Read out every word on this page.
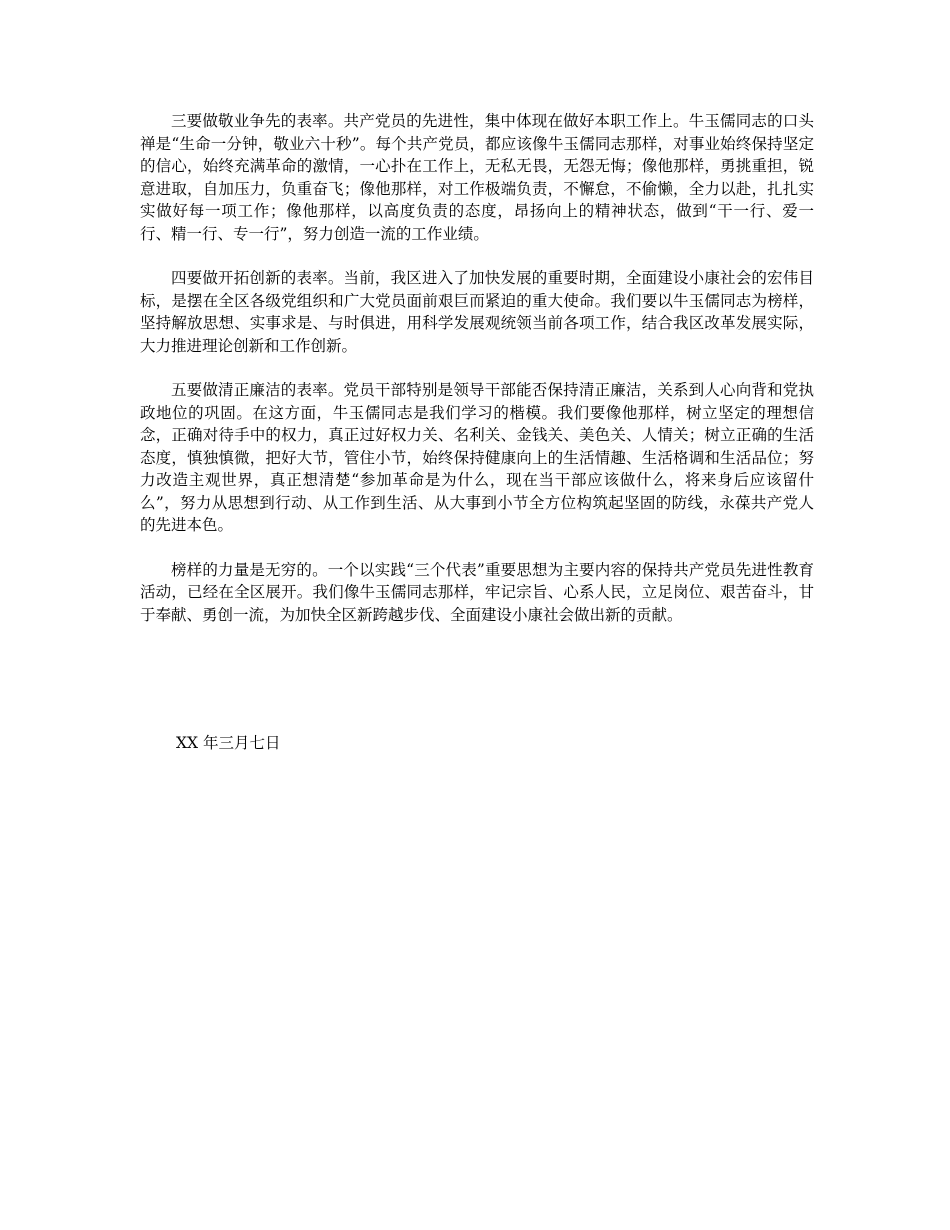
三要做敬业争先的表率。共产党员的先进性，集中体现在做好本职工作上。牛玉儒同志的口头禅是“生命一分钟，敬业六十秒”。每个共产党员，都应该像牛玉儒同志那样，对事业始终保持坚定的信心，始终充满革命的激情，一心扑在工作上，无私无畏，无怨无悔；像他那样，勇挑重担，锐意进取，自加压力，负重奋飞；像他那样，对工作极端负责，不懈怠，不偷懒，全力以赴，扎扎实实做好每一项工作；像他那样，以高度负责的态度，昂扬向上的精神状态，做到“干一行、爱一行、精一行、专一行”，努力创造一流的工作业绩。

四要做开拓创新的表率。当前，我区进入了加快发展的重要时期，全面建设小康社会的宏伟目标，是摆在全区各级党组织和广大党员面前艰巨而紧迫的重大使命。我们要以牛玉儒同志为榜样，坚持解放思想、实事求是、与时俱进，用科学发展观统领当前各项工作，结合我区改革发展实际，大力推进理论创新和工作创新。

五要做清正廉洁的表率。党员干部特别是领导干部能否保持清正廉洁，关系到人心向背和党执政地位的巩固。在这方面，牛玉儒同志是我们学习的楷模。我们要像他那样，树立坚定的理想信念，正确对待手中的权力，真正过好权力关、名利关、金钱关、美色关、人情关；树立正确的生活态度，慎独慎微，把好大节，管住小节，始终保持健康向上的生活情趣、生活格调和生活品位；努力改造主观世界，真正想清楚“参加革命是为什么，现在当干部应该做什么，将来身后应该留什么”，努力从思想到行动、从工作到生活、从大事到小节全方位构筑起坚固的防线，永葆共产党人的先进本色。

榜样的力量是无穷的。一个以实践“三个代表”重要思想为主要内容的保持共产党员先进性教育活动，已经在全区展开。我们像牛玉儒同志那样，牢记宗旨、心系人民，立足岗位、艰苦奋斗，甘于奉献、勇创一流，为加快全区新跨越步伐、全面建设小康社会做出新的贡献。

XX 年三月七日
